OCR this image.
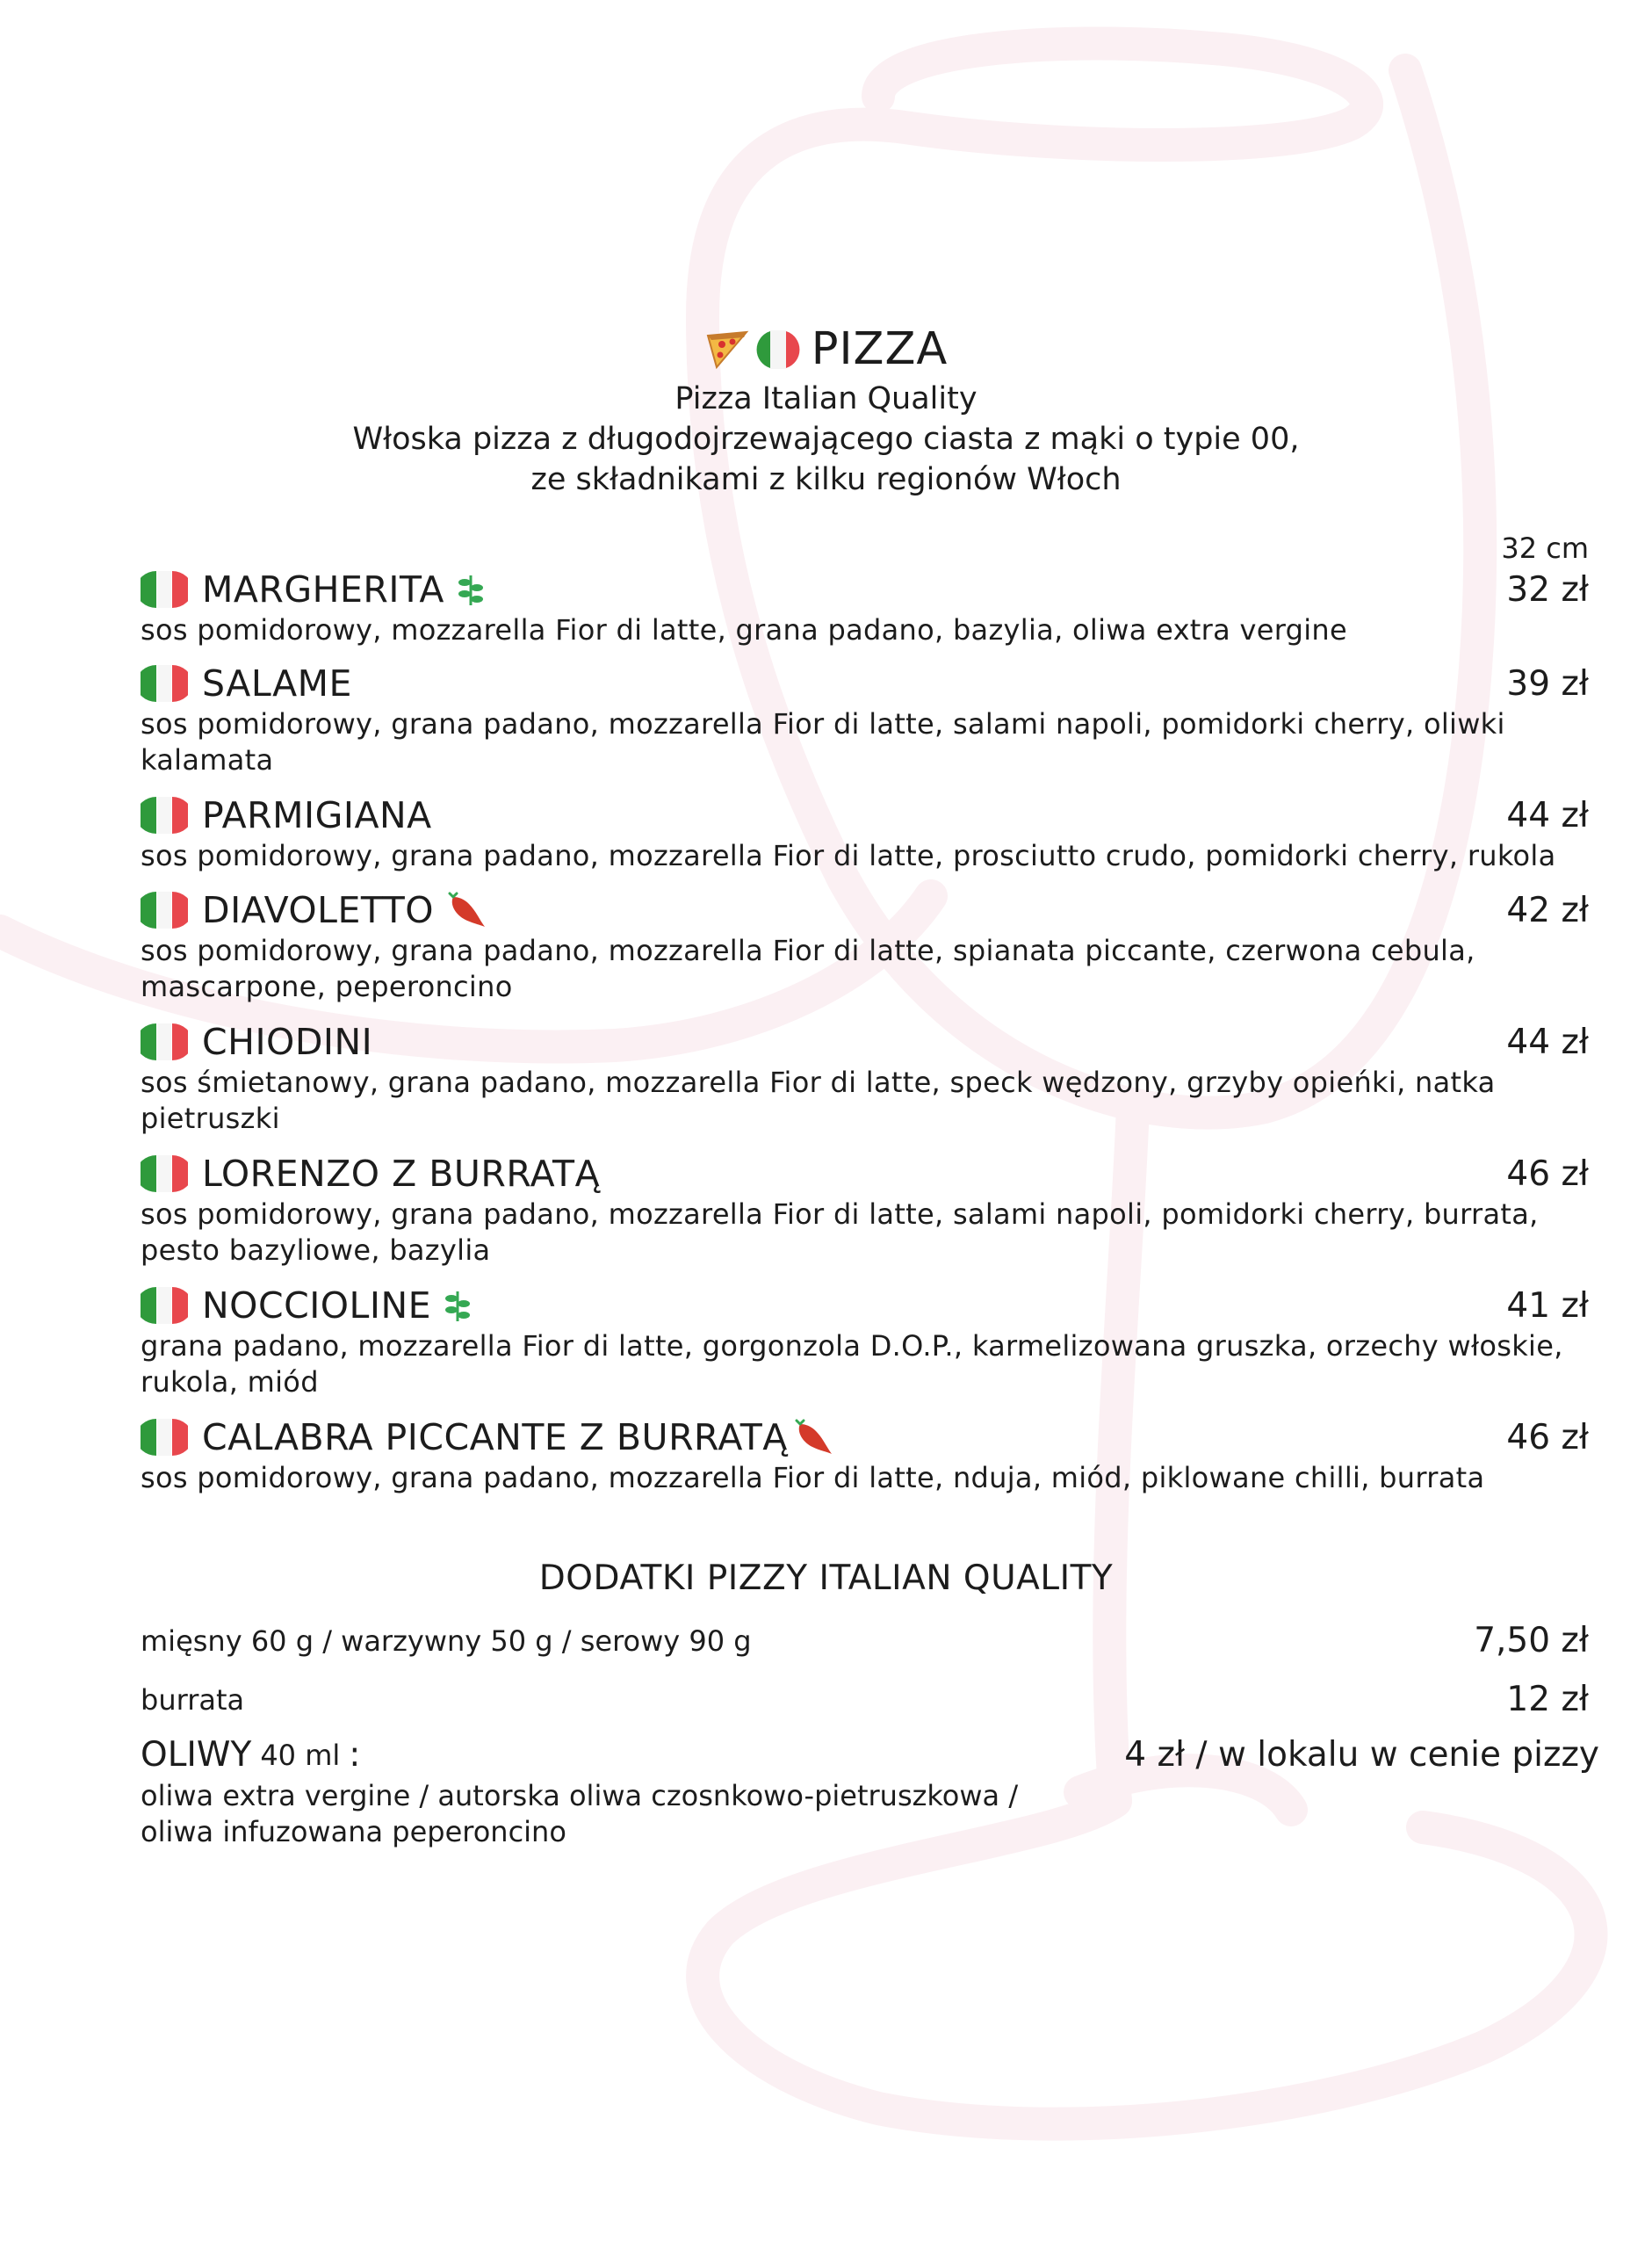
PIZZA
Pizza Italian Quality
Włoska pizza z długodojrzewającego ciasta z mąki o typie 00,
ze składnikami z kilku regionów Włoch
32 cm
MARGHERITA	32 zł
sos pomidorowy, mozzarella Fior di latte, grana padano, bazylia, oliwa extra vergine
SALAME	39 zł
sos pomidorowy, grana padano, mozzarella Fior di latte, salami napoli, pomidorki cherry, oliwki kalamata
PARMIGIANA	44 zł
sos pomidorowy, grana padano, mozzarella Fior di latte, prosciutto crudo, pomidorki cherry, rukola
DIAVOLETTO	42 zł
sos pomidorowy, grana padano, mozzarella Fior di latte, spianata piccante, czerwona cebula, mascarpone, peperoncino
CHIODINI	44 zł
sos śmietanowy, grana padano, mozzarella Fior di latte, speck wędzony, grzyby opieńki, natka pietruszki
LORENZO Z BURRATĄ	46 zł
sos pomidorowy, grana padano, mozzarella Fior di latte, salami napoli, pomidorki cherry, burrata, pesto bazyliowe, bazylia
NOCCIOLINE	41 zł
grana padano, mozzarella Fior di latte, gorgonzola D.O.P., karmelizowana gruszka, orzechy włoskie, rukola, miód
CALABRA PICCANTE Z BURRATĄ	46 zł
sos pomidorowy, grana padano, mozzarella Fior di latte, nduja, miód, piklowane chilli, burrata
DODATKI PIZZY ITALIAN QUALITY
mięsny 60 g / warzywny 50 g / serowy 90 g	7,50 zł
burrata	12 zł
OLIWY 40 ml :	4 zł / w lokalu w cenie pizzy
oliwa extra vergine / autorska oliwa czosnkowo-pietruszkowa / oliwa infuzowana peperoncino
